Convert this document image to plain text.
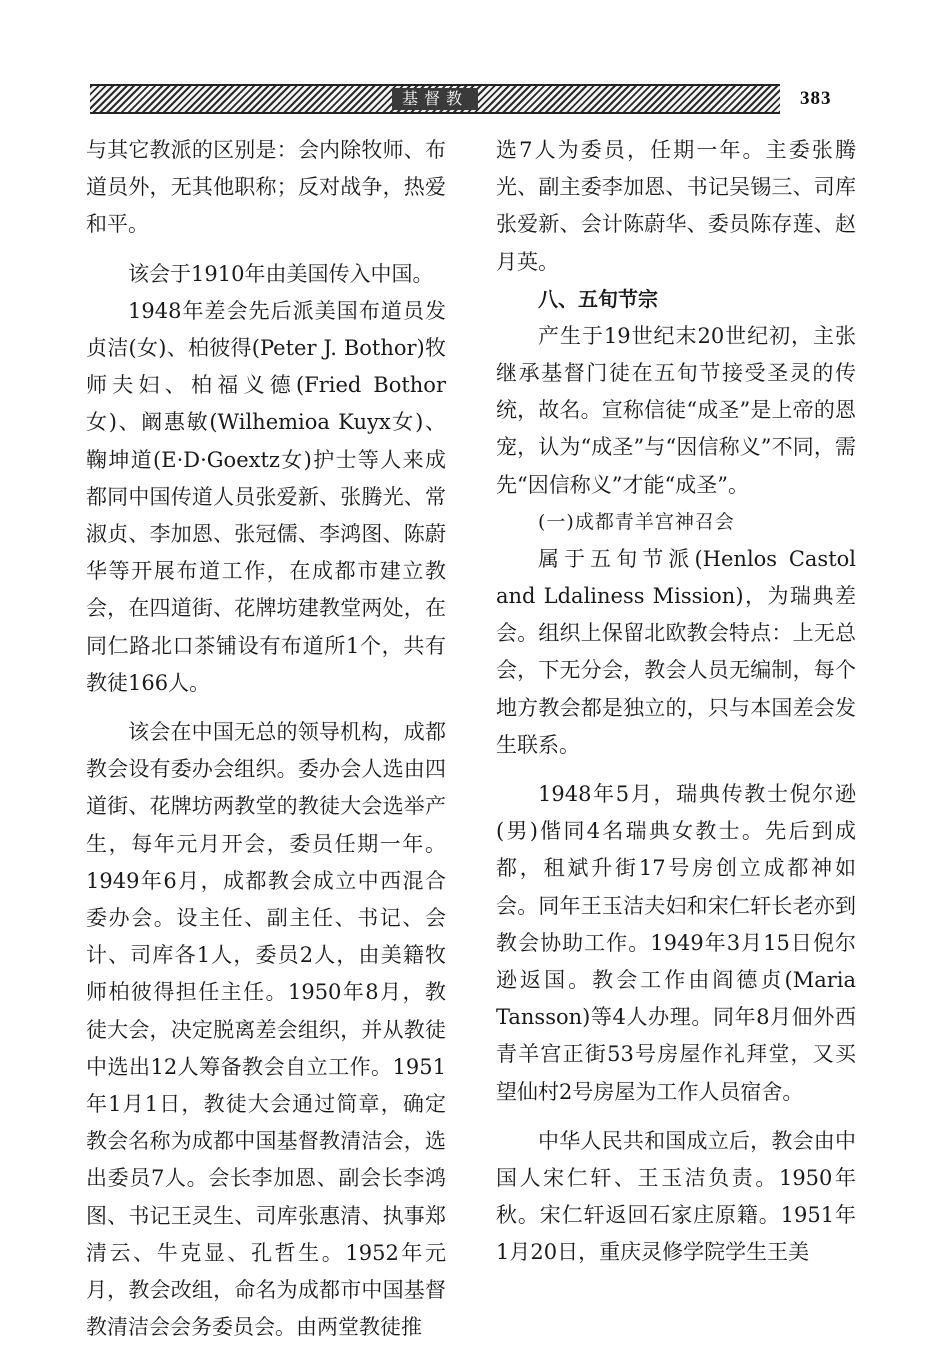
基督教	383

与其它教派的区别是：会内除牧师、布道员外，无其他职称；反对战争，热爱和平。

该会于1910年由美国传入中国。

1948年差会先后派美国布道员发贞洁(女)、柏彼得(Peter J. Bothor)牧师夫妇、柏福义德(Fried Bothor女)、阚惠敏(Wilhemioa Kuyx女)、鞠坤道(E·D·Goextz女)护士等人来成都同中国传道人员张爱新、张腾光、常淑贞、李加恩、张冠儒、李鸿图、陈蔚华等开展布道工作，在成都市建立教会，在四道街、花牌坊建教堂两处，在同仁路北口茶铺设有布道所1个，共有教徒166人。

该会在中国无总的领导机构，成都教会设有委办会组织。委办会人选由四道街、花牌坊两教堂的教徒大会选举产生，每年元月开会，委员任期一年。1949年6月，成都教会成立中西混合委办会。设主任、副主任、书记、会计、司库各1人，委员2人，由美籍牧师柏彼得担任主任。1950年8月，教徒大会，决定脱离差会组织，并从教徒中选出12人筹备教会自立工作。1951年1月1日，教徒大会通过简章，确定教会名称为成都中国基督教清洁会，选出委员7人。会长李加恩、副会长李鸿图、书记王灵生、司库张惠清、执事郑清云、牛克显、孔哲生。1952年元月，教会改组，命名为成都市中国基督教清洁会会务委员会。由两堂教徒推

选7人为委员，任期一年。主委张腾光、副主委李加恩、书记吴锡三、司库张爱新、会计陈蔚华、委员陈存莲、赵月英。

八、五旬节宗

产生于19世纪末20世纪初，主张继承基督门徒在五旬节接受圣灵的传统，故名。宣称信徒“成圣”是上帝的恩宠，认为“成圣”与“因信称义”不同，需先“因信称义”才能“成圣”。

(一)成都青羊宫神召会

属于五旬节派(Henlos Castol and Ldaliness Mission)，为瑞典差会。组织上保留北欧教会特点：上无总会，下无分会，教会人员无编制，每个地方教会都是独立的，只与本国差会发生联系。

1948年5月，瑞典传教士倪尔逊(男)偕同4名瑞典女教士。先后到成都，租斌升街17号房创立成都神如会。同年王玉洁夫妇和宋仁轩长老亦到教会协助工作。1949年3月15日倪尔逊返国。教会工作由阎德贞(Maria Tansson)等4人办理。同年8月佃外西青羊宫正街53号房屋作礼拜堂，又买望仙村2号房屋为工作人员宿舍。

中华人民共和国成立后，教会由中国人宋仁轩、王玉洁负责。1950年秋。宋仁轩返回石家庄原籍。1951年1月20日，重庆灵修学院学生王美
